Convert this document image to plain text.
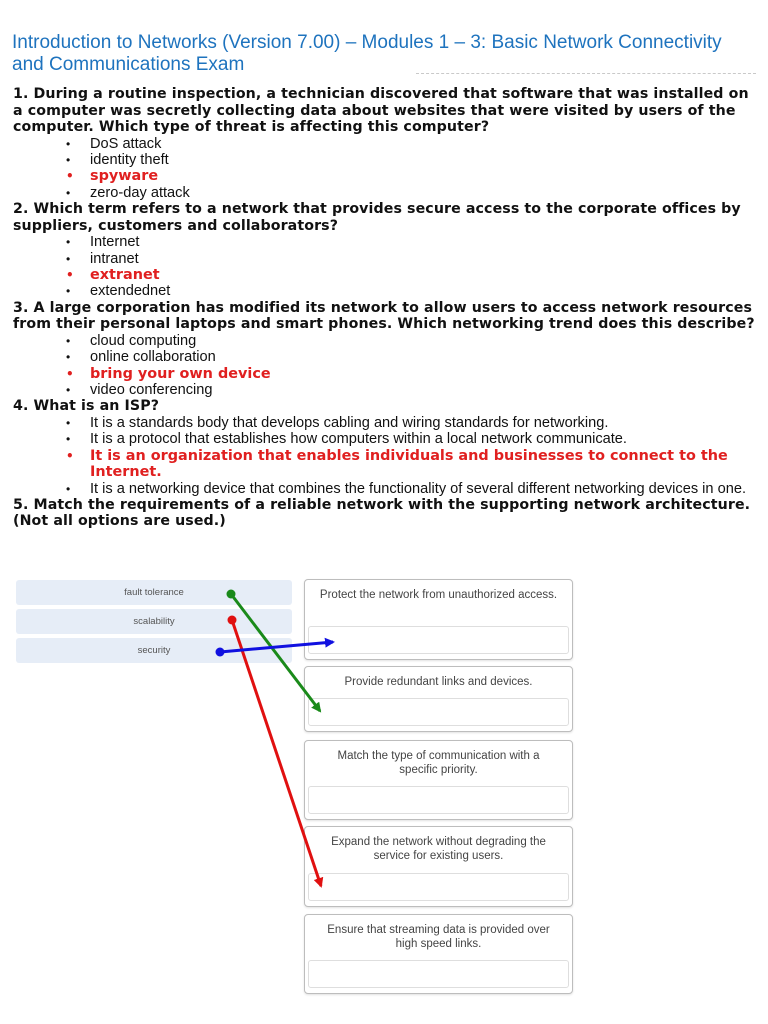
Introduction to Networks (Version 7.00) – Modules 1 – 3: Basic Network Connectivity and Communications Exam

1. During a routine inspection, a technician discovered that software that was installed on a computer was secretly collecting data about websites that were visited by users of the computer. Which type of threat is affecting this computer?

• DoS attack
• identity theft
• spyware
• zero-day attack

2. Which term refers to a network that provides secure access to the corporate offices by suppliers, customers and collaborators?

• Internet
• intranet
• extranet
• extendednet

3. A large corporation has modified its network to allow users to access network resources from their personal laptops and smart phones. Which networking trend does this describe?

• cloud computing
• online collaboration
• bring your own device
• video conferencing

4. What is an ISP?

• It is a standards body that develops cabling and wiring standards for networking.
• It is a protocol that establishes how computers within a local network communicate.
• It is an organization that enables individuals and businesses to connect to the Internet.
• It is a networking device that combines the functionality of several different networking devices in one.

5. Match the requirements of a reliable network with the supporting network architecture. (Not all options are used.)

fault tolerance
scalability
security
Protect the network from unauthorized access.
Provide redundant links and devices.
Match the type of communication with a specific priority.
Expand the network without degrading the service for existing users.
Ensure that streaming data is provided over high speed links.
